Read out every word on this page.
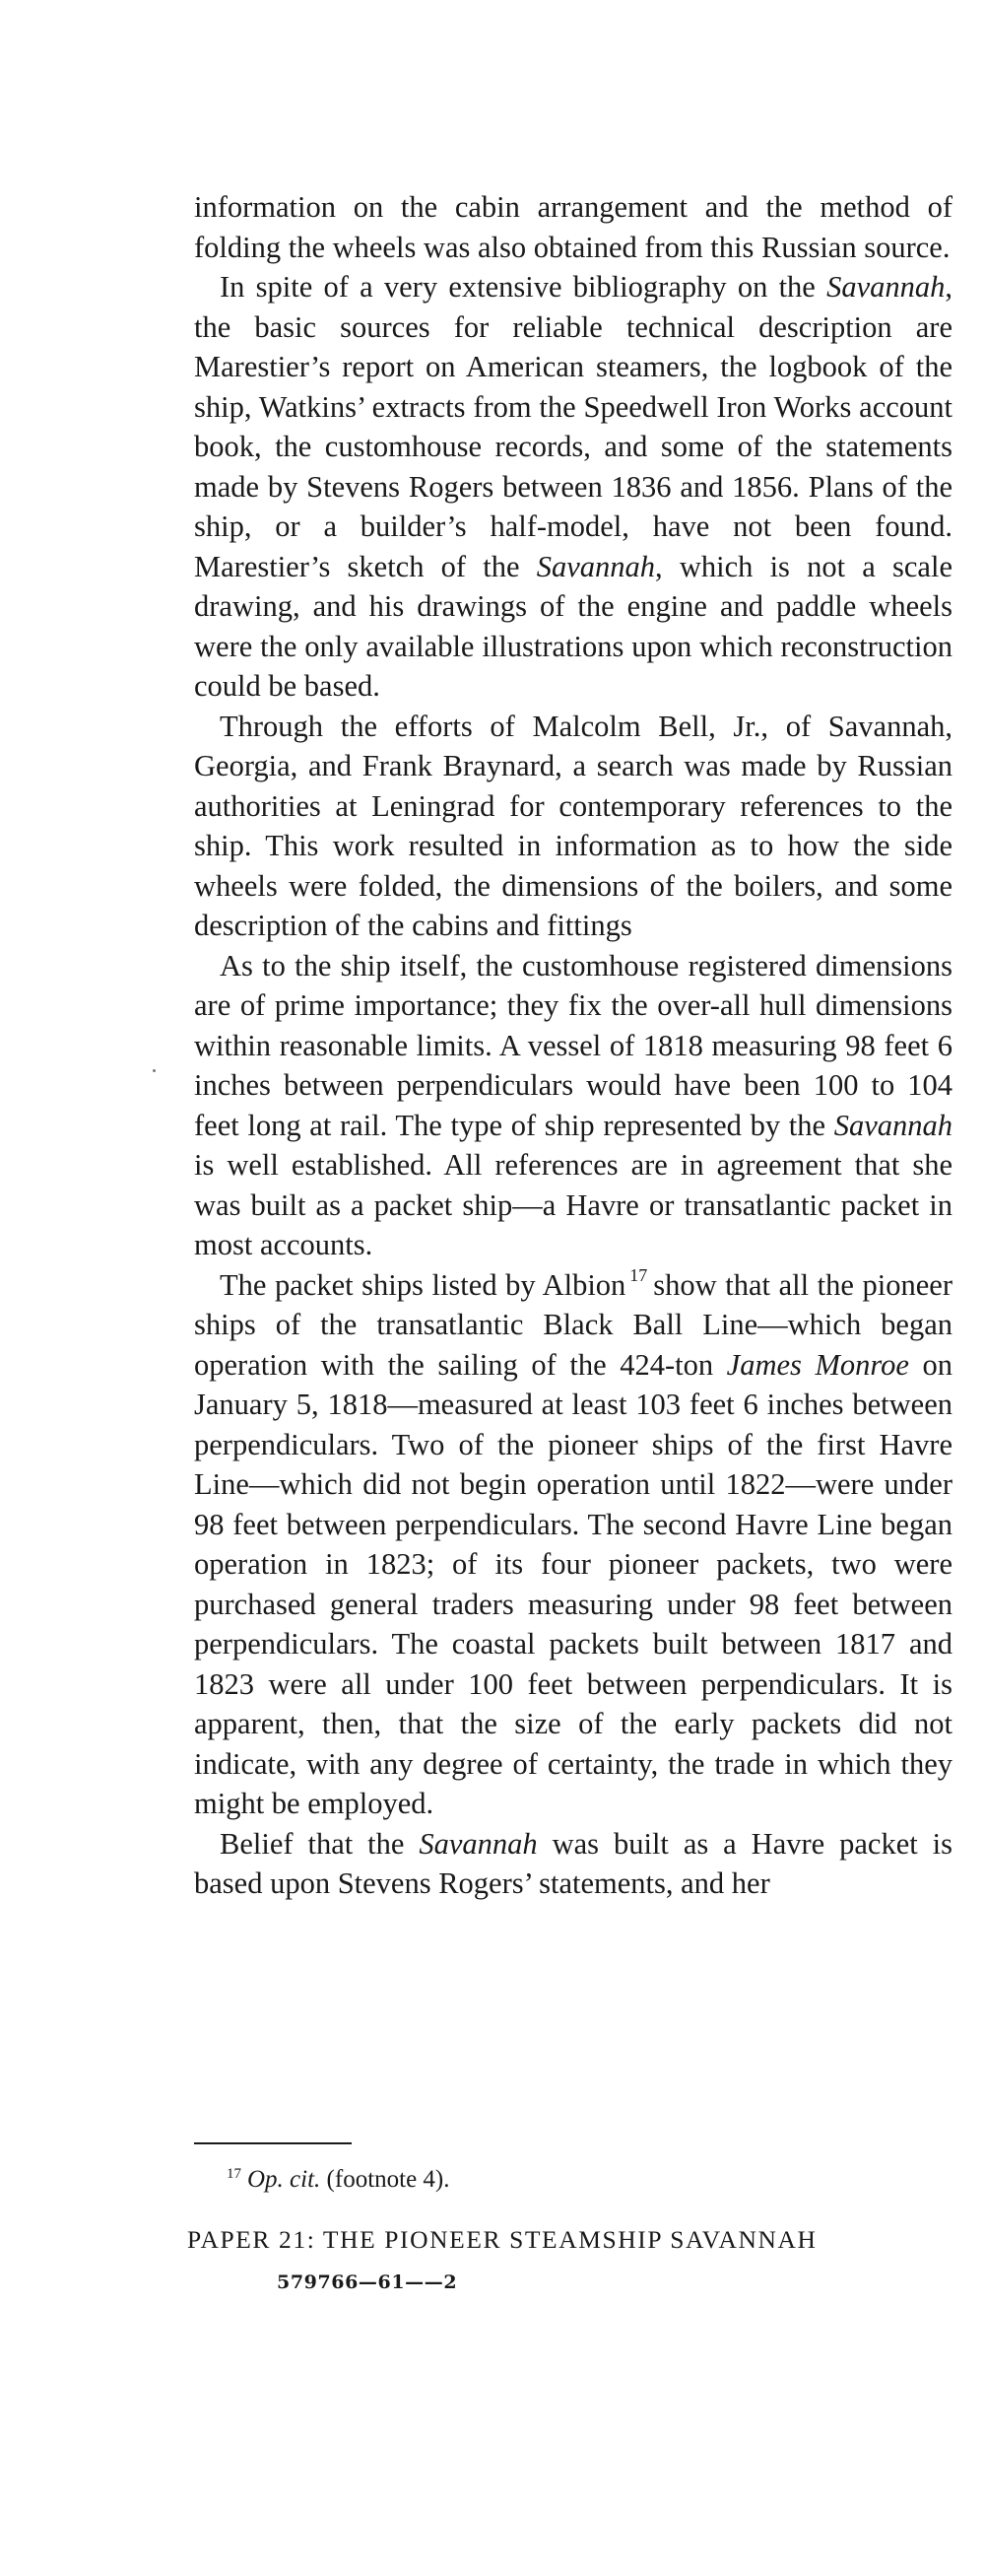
information on the cabin arrangement and the method of folding the wheels was also obtained from this Russian source.

In spite of a very extensive bibliography on the Savannah, the basic sources for reliable technical description are Marestier’s report on American steamers, the logbook of the ship, Watkins’ extracts from the Speedwell Iron Works account book, the customhouse records, and some of the statements made by Stevens Rogers between 1836 and 1856. Plans of the ship, or a builder’s half-model, have not been found. Marestier’s sketch of the Savannah, which is not a scale drawing, and his drawings of the engine and paddle wheels were the only available illustrations upon which reconstruction could be based.

Through the efforts of Malcolm Bell, Jr., of Savannah, Georgia, and Frank Braynard, a search was made by Russian authorities at Leningrad for contemporary references to the ship. This work resulted in information as to how the side wheels were folded, the dimensions of the boilers, and some description of the cabins and fittings

As to the ship itself, the customhouse registered dimensions are of prime importance; they fix the over-all hull dimensions within reasonable limits. A vessel of 1818 measuring 98 feet 6 inches between perpendiculars would have been 100 to 104 feet long at rail. The type of ship represented by the Savannah is well established. All references are in agreement that she was built as a packet ship—a Havre or transatlantic packet in most accounts.

The packet ships listed by Albion $^{17}$ show that all the pioneer ships of the transatlantic Black Ball Line—which began operation with the sailing of the 424-ton James Monroe on January 5, 1818—measured at least 103 feet 6 inches between perpendiculars. Two of the pioneer ships of the first Havre Line—which did not begin operation until 1822—were under 98 feet between perpendiculars. The second Havre Line began operation in 1823; of its four pioneer packets, two were purchased general traders measuring under 98 feet between perpendiculars. The coastal packets built between 1817 and 1823 were all under 100 feet between perpendiculars. It is apparent, then, that the size of the early packets did not indicate, with any degree of certainty, the trade in which they might be employed.

Belief that the Savannah was built as a Havre packet is based upon Stevens Rogers’ statements, and her

$^{17}$ Op. cit. (footnote 4).
PAPER 21: THE PIONEER STEAMSHIP SAVANNAH
579766—61——2
